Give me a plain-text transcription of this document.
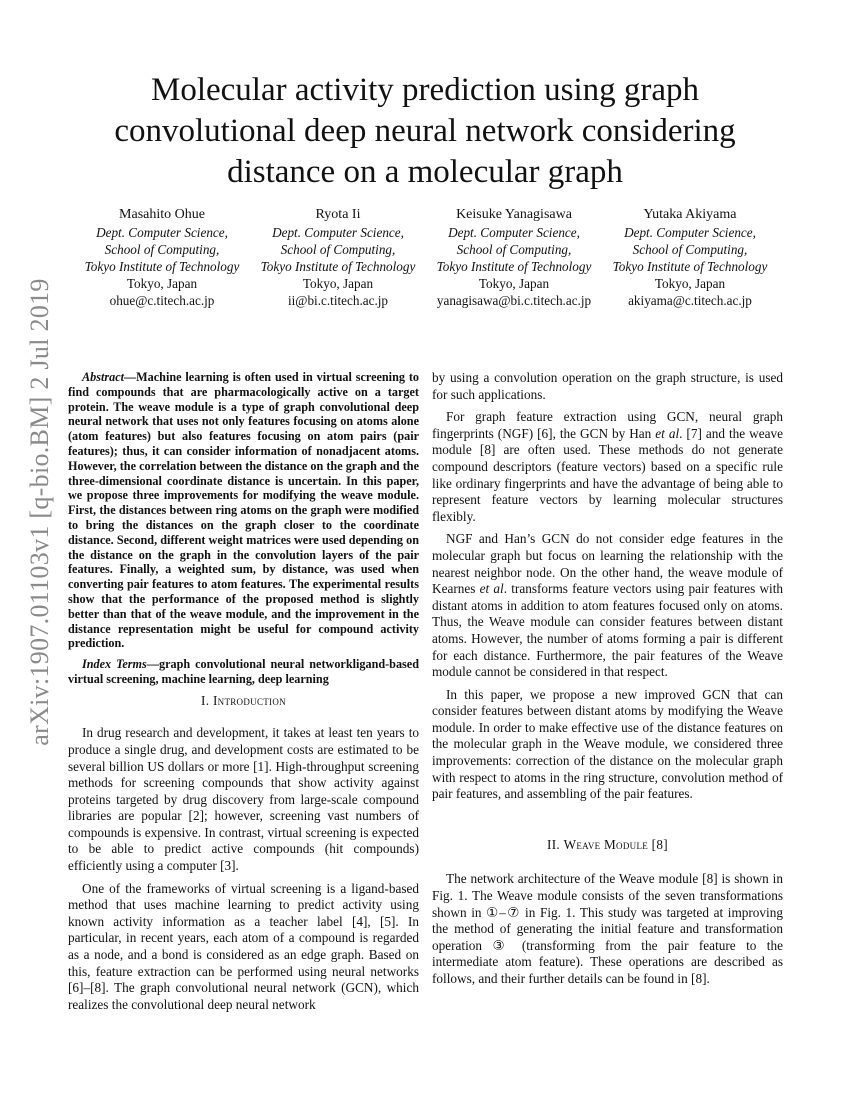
arXiv:1907.01103v1 [q-bio.BM] 2 Jul 2019
Molecular activity prediction using graph
convolutional deep neural network considering
distance on a molecular graph
Masahito Ohue
Dept. Computer Science,
School of Computing,
Tokyo Institute of Technology
Tokyo, Japan
ohue@c.titech.ac.jp
Ryota Ii
Dept. Computer Science,
School of Computing,
Tokyo Institute of Technology
Tokyo, Japan
ii@bi.c.titech.ac.jp
Keisuke Yanagisawa
Dept. Computer Science,
School of Computing,
Tokyo Institute of Technology
Tokyo, Japan
yanagisawa@bi.c.titech.ac.jp
Yutaka Akiyama
Dept. Computer Science,
School of Computing,
Tokyo Institute of Technology
Tokyo, Japan
akiyama@c.titech.ac.jp

Abstract—Machine learning is often used in virtual screening to find compounds that are pharmacologically active on a target protein. The weave module is a type of graph convolutional deep neural network that uses not only features focusing on atoms alone (atom features) but also features focusing on atom pairs (pair features); thus, it can consider information of nonadjacent atoms. However, the correlation between the distance on the graph and the three-dimensional coordinate distance is uncertain. In this paper, we propose three improvements for modifying the weave module. First, the distances between ring atoms on the graph were modified to bring the distances on the graph closer to the coordinate distance. Second, different weight matrices were used depending on the distance on the graph in the convolution layers of the pair features. Finally, a weighted sum, by distance, was used when converting pair features to atom features. The experimental results show that the performance of the proposed method is slightly better than that of the weave module, and the improvement in the distance representation might be useful for compound activity prediction.

Index Terms—graph convolutional neural networkligand-based virtual screening, machine learning, deep learning

I. Introduction

In drug research and development, it takes at least ten years to produce a single drug, and development costs are estimated to be several billion US dollars or more [1]. High-throughput screening methods for screening compounds that show activity against proteins targeted by drug discovery from large-scale compound libraries are popular [2]; however, screening vast numbers of compounds is expensive. In contrast, virtual screening is expected to be able to predict active compounds (hit compounds) efficiently using a computer [3].

One of the frameworks of virtual screening is a ligand-based method that uses machine learning to predict activity using known activity information as a teacher label [4], [5]. In particular, in recent years, each atom of a compound is regarded as a node, and a bond is considered as an edge graph. Based on this, feature extraction can be performed using neural networks [6]–[8]. The graph convolutional neural network (GCN), which realizes the convolutional deep neural network

by using a convolution operation on the graph structure, is used for such applications.

For graph feature extraction using GCN, neural graph fingerprints (NGF) [6], the GCN by Han et al. [7] and the weave module [8] are often used. These methods do not generate compound descriptors (feature vectors) based on a specific rule like ordinary fingerprints and have the advantage of being able to represent feature vectors by learning molecular structures flexibly.

NGF and Han’s GCN do not consider edge features in the molecular graph but focus on learning the relationship with the nearest neighbor node. On the other hand, the weave module of Kearnes et al. transforms feature vectors using pair features with distant atoms in addition to atom features focused only on atoms. Thus, the Weave module can consider features between distant atoms. However, the number of atoms forming a pair is different for each distance. Furthermore, the pair features of the Weave module cannot be considered in that respect.

In this paper, we propose a new improved GCN that can consider features between distant atoms by modifying the Weave module. In order to make effective use of the distance features on the molecular graph in the Weave module, we considered three improvements: correction of the distance on the molecular graph with respect to atoms in the ring structure, convolution method of pair features, and assembling of the pair features.

II. Weave Module [8]

The network architecture of the Weave module [8] is shown in Fig. 1. The Weave module consists of the seven transformations shown in ①–⑦ in Fig. 1. This study was targeted at improving the method of generating the initial feature and transformation operation ③ (transforming from the pair feature to the intermediate atom feature). These operations are described as follows, and their further details can be found in [8].
